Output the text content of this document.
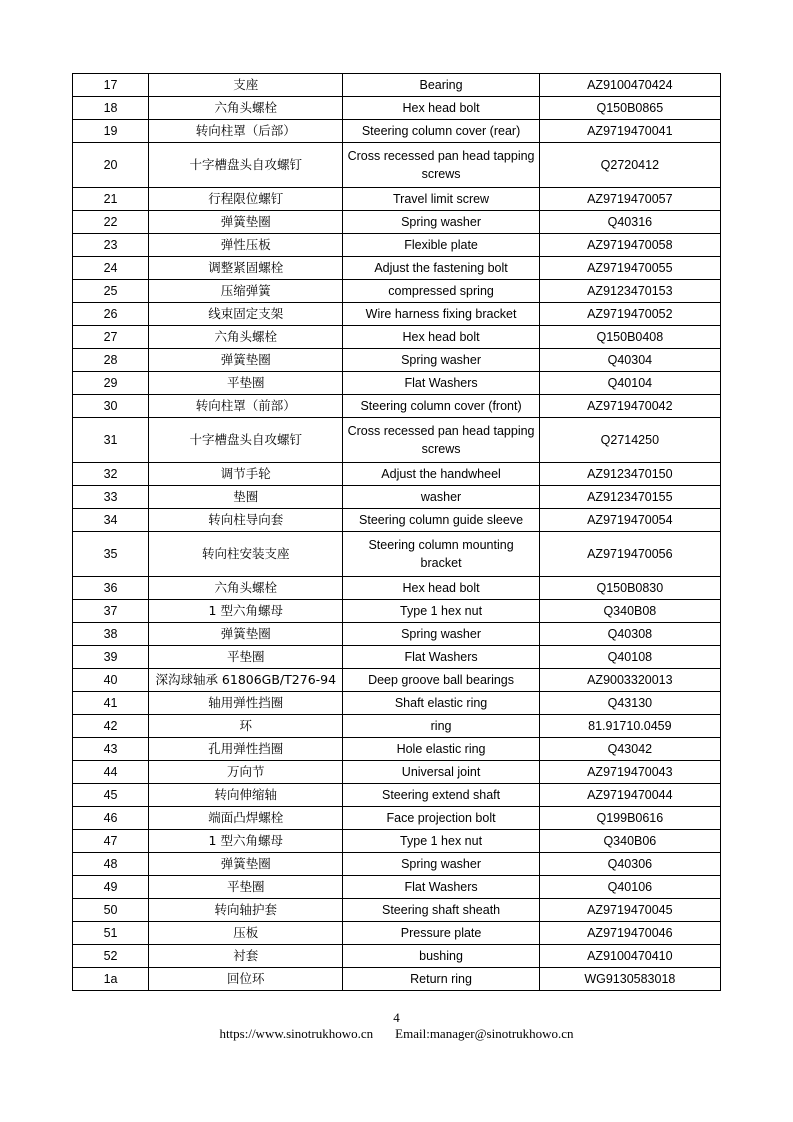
17	支座	Bearing	AZ9100470424
18	六角头螺栓	Hex head bolt	Q150B0865
19	转向柱罩（后部）	Steering column cover (rear)	AZ9719470041
20	十字槽盘头自攻螺钉	Cross recessed pan head tapping screws	Q2720412
21	行程限位螺钉	Travel limit screw	AZ9719470057
22	弹簧垫圈	Spring washer	Q40316
23	弹性压板	Flexible plate	AZ9719470058
24	调整紧固螺栓	Adjust the fastening bolt	AZ9719470055
25	压缩弹簧	compressed spring	AZ9123470153
26	线束固定支架	Wire harness fixing bracket	AZ9719470052
27	六角头螺栓	Hex head bolt	Q150B0408
28	弹簧垫圈	Spring washer	Q40304
29	平垫圈	Flat Washers	Q40104
30	转向柱罩（前部）	Steering column cover (front)	AZ9719470042
31	十字槽盘头自攻螺钉	Cross recessed pan head tapping screws	Q2714250
32	调节手轮	Adjust the handwheel	AZ9123470150
33	垫圈	washer	AZ9123470155
34	转向柱导向套	Steering column guide sleeve	AZ9719470054
35	转向柱安装支座	Steering column mounting bracket	AZ9719470056
36	六角头螺栓	Hex head bolt	Q150B0830
37	1 型六角螺母	Type 1 hex nut	Q340B08
38	弹簧垫圈	Spring washer	Q40308
39	平垫圈	Flat Washers	Q40108
40	深沟球轴承 61806GB/T276-94	Deep groove ball bearings	AZ9003320013
41	轴用弹性挡圈	Shaft elastic ring	Q43130
42	环	ring	81.91710.0459
43	孔用弹性挡圈	Hole elastic ring	Q43042
44	万向节	Universal joint	AZ9719470043
45	转向伸缩轴	Steering extend shaft	AZ9719470044
46	端面凸焊螺栓	Face projection bolt	Q199B0616
47	1 型六角螺母	Type 1 hex nut	Q340B06
48	弹簧垫圈	Spring washer	Q40306
49	平垫圈	Flat Washers	Q40106
50	转向轴护套	Steering shaft sheath	AZ9719470045
51	压板	Pressure plate	AZ9719470046
52	衬套	bushing	AZ9100470410
1a	回位环	Return ring	WG9130583018
4
https://www.sinotrukhowo.cn Email:manager@sinotrukhowo.cn
